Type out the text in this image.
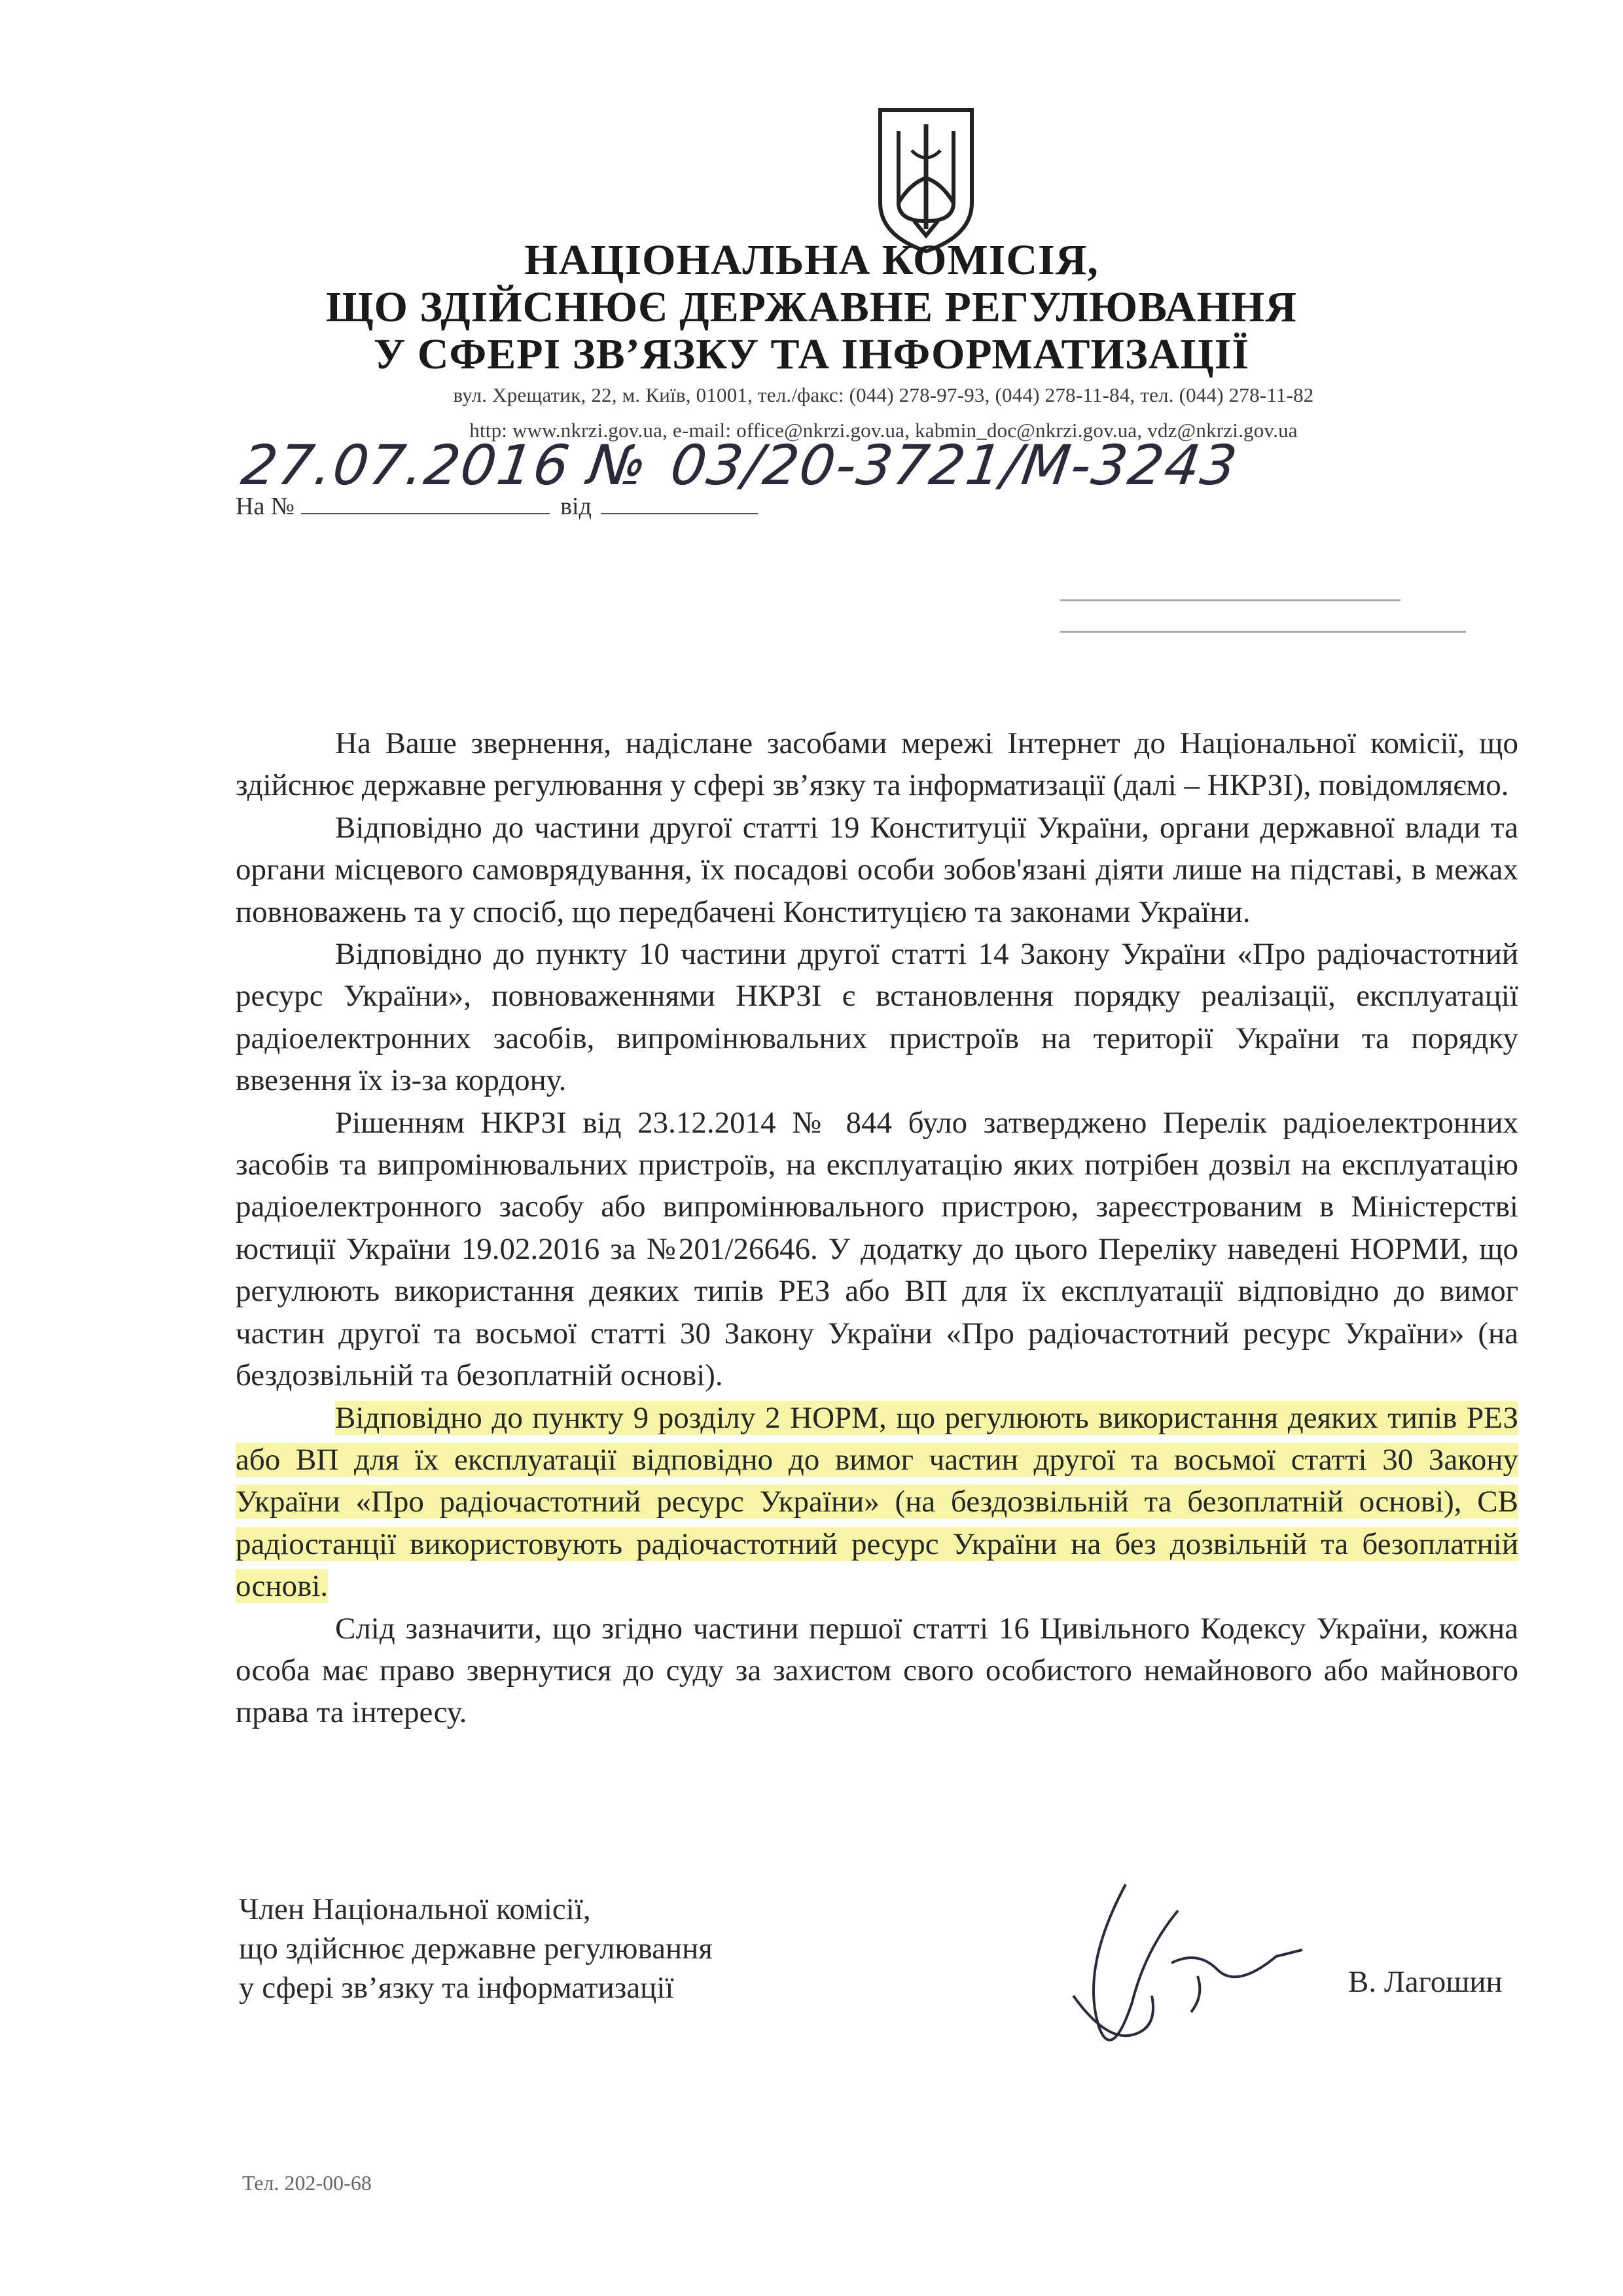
НАЦІОНАЛЬНА КОМІСІЯ,
ЩО ЗДІЙСНЮЄ ДЕРЖАВНЕ РЕГУЛЮВАННЯ
У СФЕРІ ЗВ’ЯЗКУ ТА ІНФОРМАТИЗАЦІЇ
вул. Хрещатик, 22, м. Київ, 01001, тел./факс: (044) 278-97-93, (044) 278-11-84, тел. (044) 278-11-82
http: www.nkrzi.gov.ua, e-mail: office@nkrzi.gov.ua, kabmin_doc@nkrzi.gov.ua, vdz@nkrzi.gov.ua
27.07.2016 № 03/20-3721/М-3243
На №	від

На Ваше звернення, надіслане засобами мережі Інтернет до Національної комісії, що здійснює державне регулювання у сфері зв’язку та інформатизації (далі – НКРЗІ), повідомляємо.

Відповідно до частини другої статті 19 Конституції України, органи державної влади та органи місцевого самоврядування, їх посадові особи зобов'язані діяти лише на підставі, в межах повноважень та у спосіб, що передбачені Конституцією та законами України.

Відповідно до пункту 10 частини другої статті 14 Закону України «Про радіочастотний ресурс України», повноваженнями НКРЗІ є встановлення порядку реалізації, експлуатації радіоелектронних засобів, випромінювальних пристроїв на території України та порядку ввезення їх із-за кордону.

Рішенням НКРЗІ від 23.12.2014 № 844 було затверджено Перелік радіоелектронних засобів та випромінювальних пристроїв, на експлуатацію яких потрібен дозвіл на експлуатацію радіоелектронного засобу або випромінювального пристрою, зареєстрованим в Міністерстві юстиції України 19.02.2016 за №201/26646. У додатку до цього Переліку наведені НОРМИ, що регулюють використання деяких типів РЕЗ або ВП для їх експлуатації відповідно до вимог частин другої та восьмої статті 30 Закону України «Про радіочастотний ресурс України» (на бездозвільній та безоплатній основі).

Відповідно до пункту 9 розділу 2 НОРМ, що регулюють використання деяких типів РЕЗ або ВП для їх експлуатації відповідно до вимог частин другої та восьмої статті 30 Закону України «Про радіочастотний ресурс України» (на бездозвільній та безоплатній основі), СВ радіостанції використовують радіочастотний ресурс України на без дозвільній та безоплатній основі.

Слід зазначити, що згідно частини першої статті 16 Цивільного Кодексу України, кожна особа має право звернутися до суду за захистом свого особистого немайнового або майнового права та інтересу.

Член Національної комісії,
що здійснює державне регулювання
у сфері зв’язку та інформатизації	В. Лагошин
Тел. 202-00-68
